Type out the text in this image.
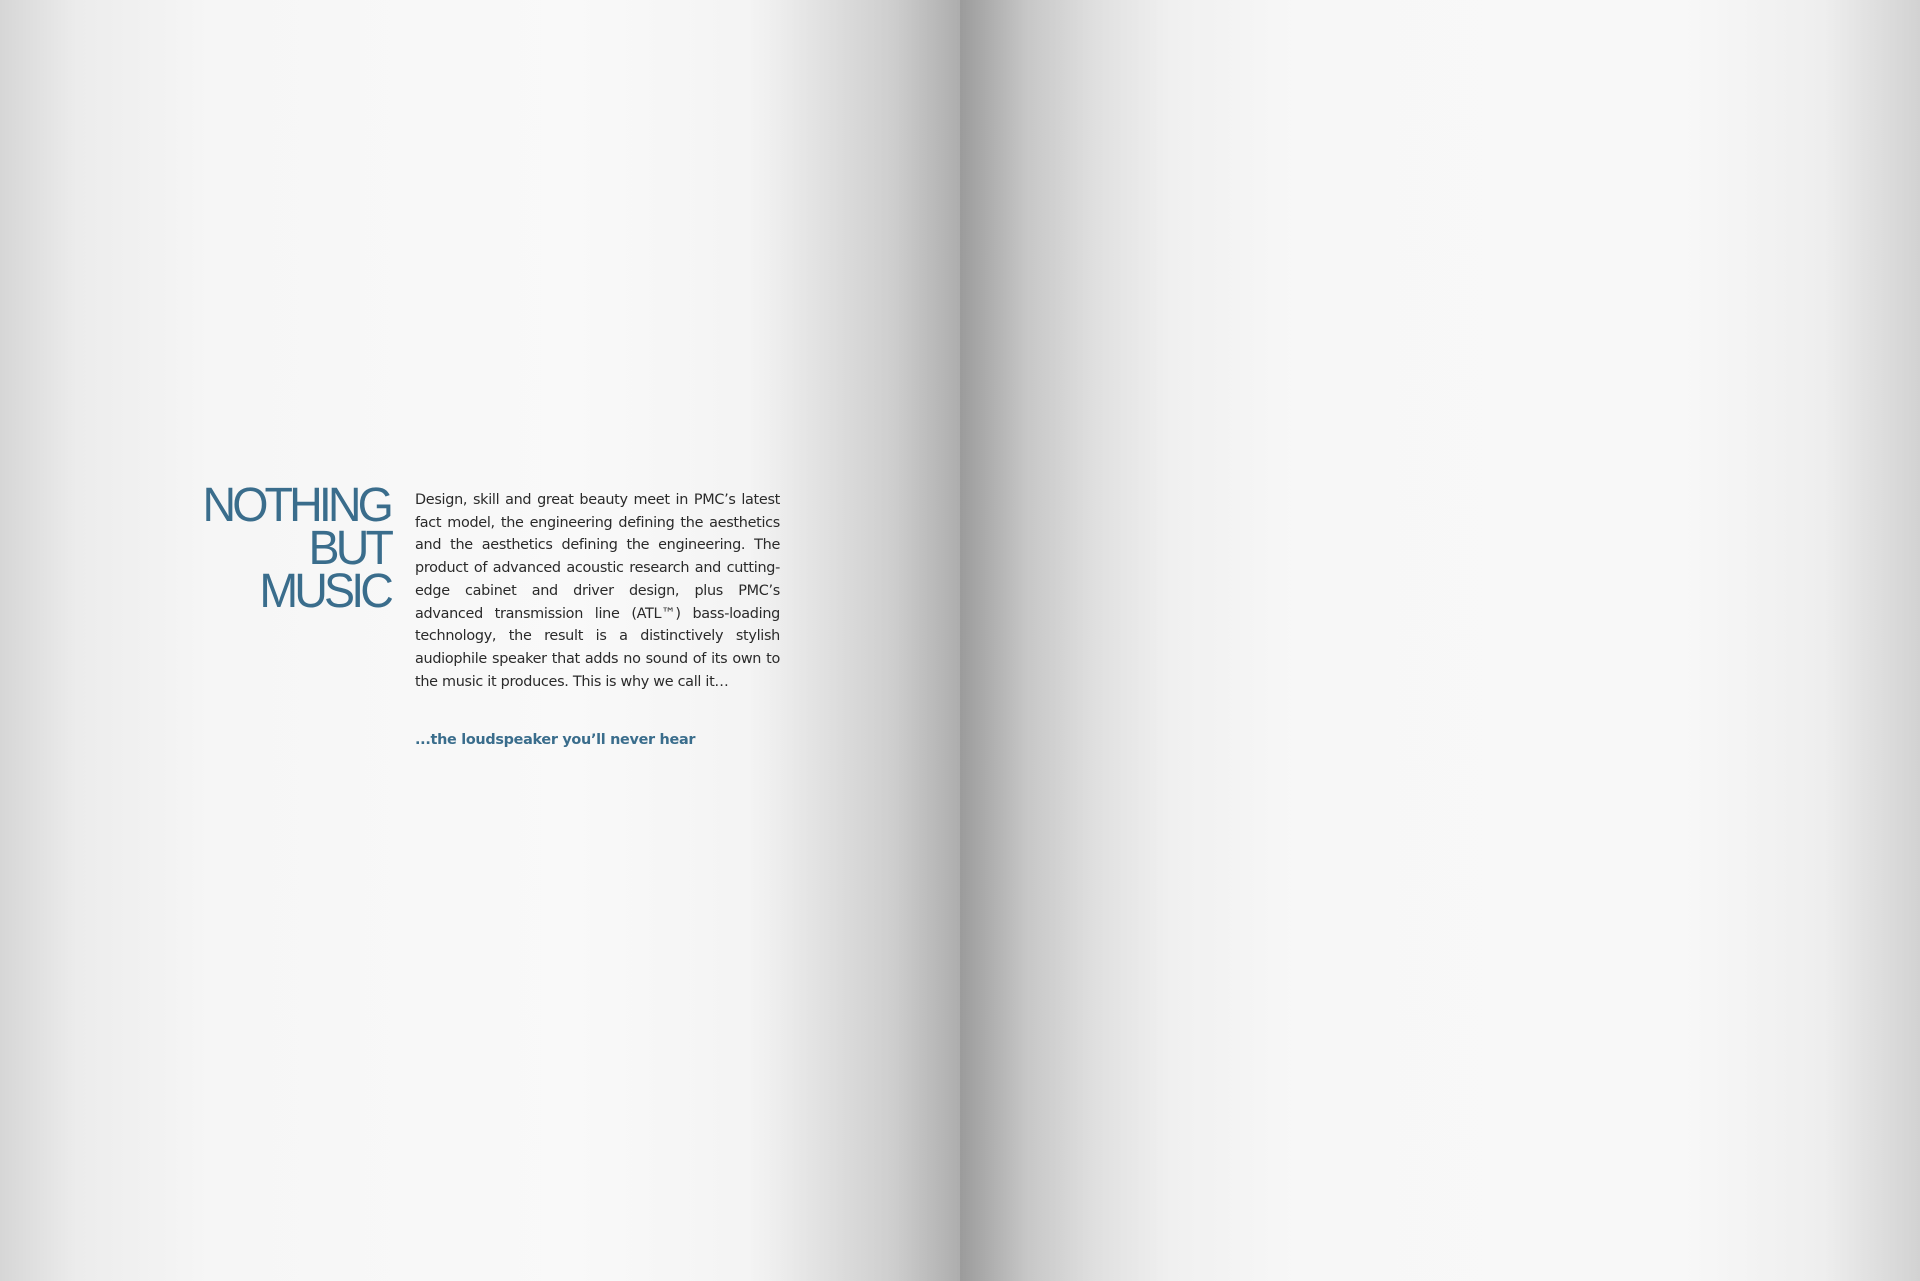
NOTHING
BUT
MUSIC

Design, skill and great beauty meet in PMC’s latest fact model, the engineering defining the aesthetics and the aesthetics defining the engineering. The product of advanced acoustic research and cutting-edge cabinet and driver design, plus PMC’s advanced transmission line (ATL™) bass-loading technology, the result is a distinctively stylish audiophile speaker that adds no sound of its own to the music it produces. This is why we call it…

...the loudspeaker you’ll never hear
